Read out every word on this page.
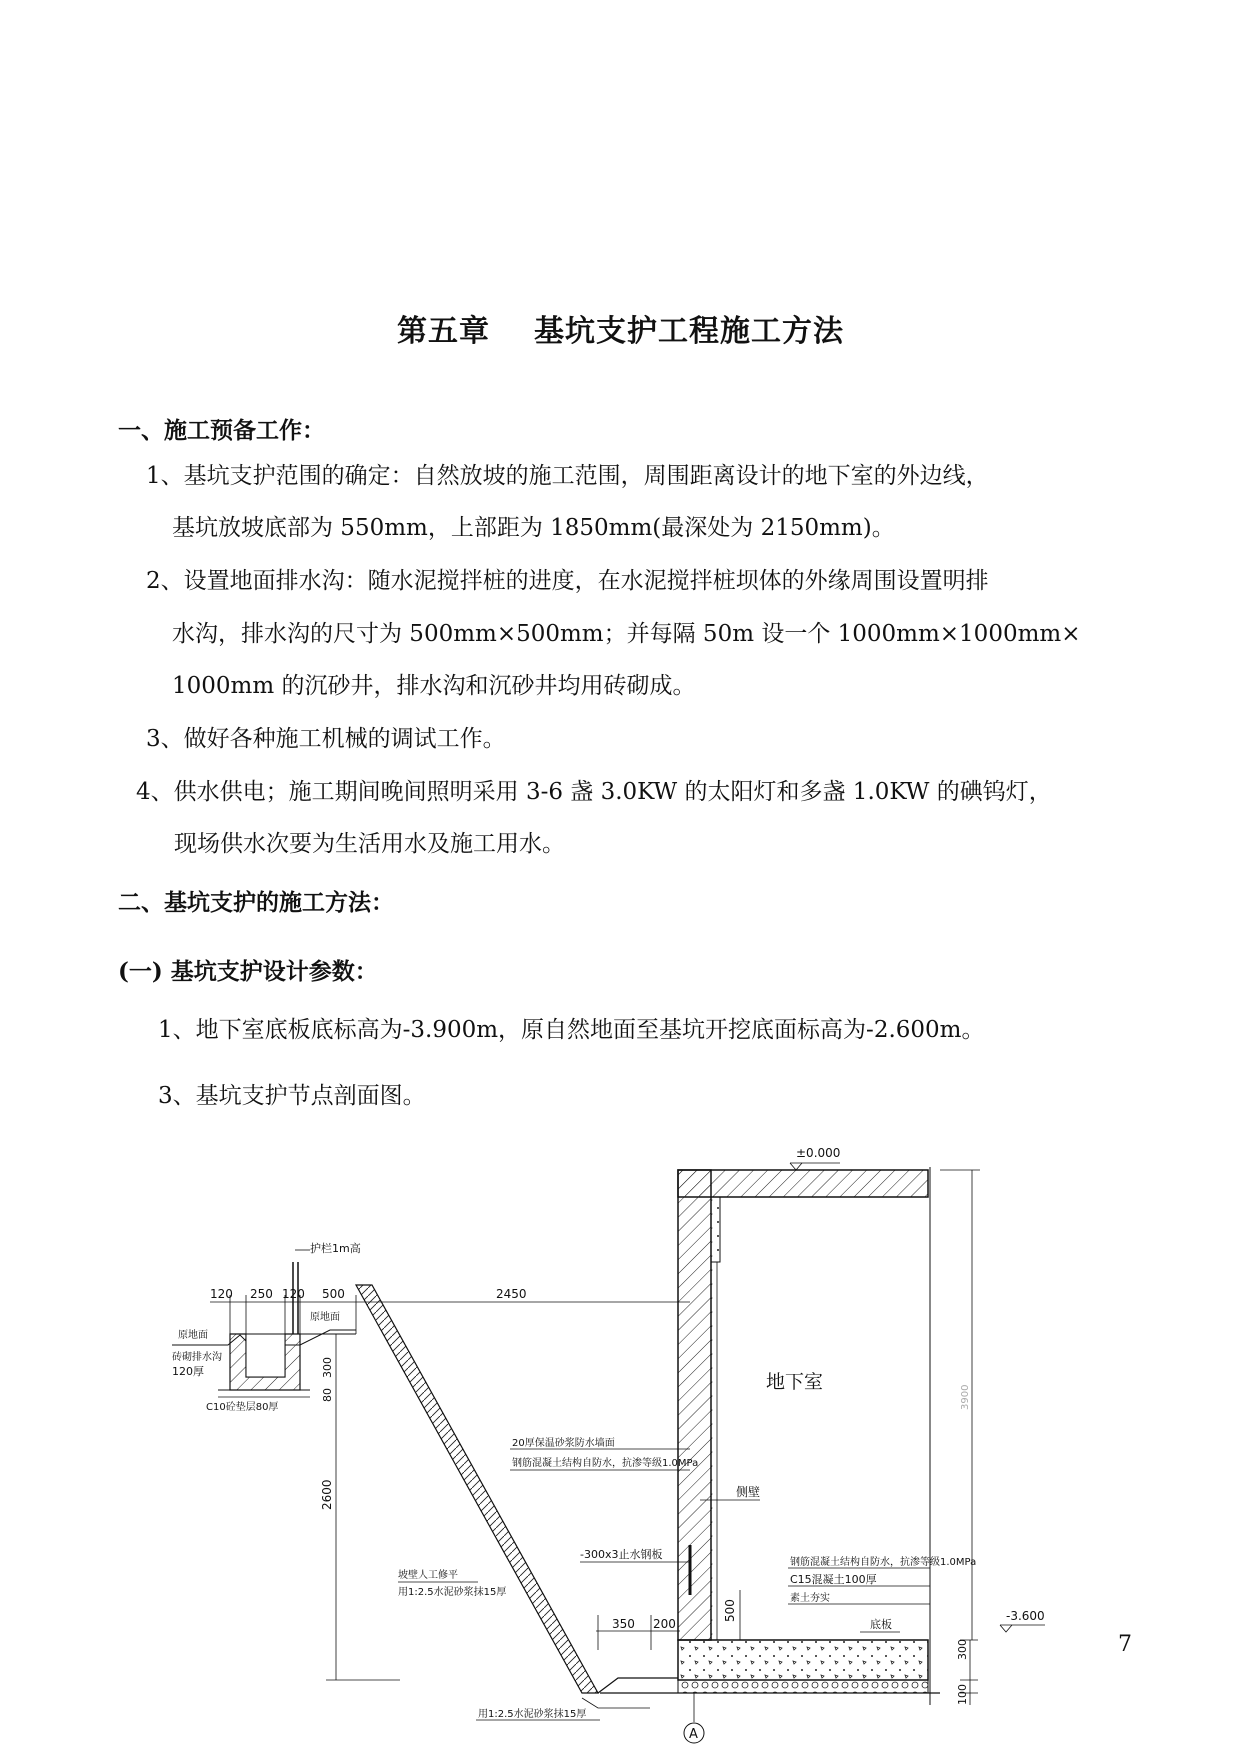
第五章 基坑支护工程施工方法
一、施工预备工作：
1、基坑支护范围的确定：自然放坡的施工范围，周围距离设计的地下室的外边线，
基坑放坡底部为 550mm，上部距为 1850mm(最深处为 2150mm)。
2、设置地面排水沟：随水泥搅拌桩的进度，在水泥搅拌桩坝体的外缘周围设置明排
水沟，排水沟的尺寸为 500mm×500mm；并每隔 50m 设一个 1000mm×1000mm×
1000mm 的沉砂井，排水沟和沉砂井均用砖砌成。
3、做好各种施工机械的调试工作。
4、供水供电；施工期间晚间照明采用 3-6 盏 3.0KW 的太阳灯和多盏 1.0KW 的碘钨灯，
现场供水次要为生活用水及施工用水。
二、基坑支护的施工方法：
(一) 基坑支护设计参数：
1、地下室底板底标高为-3.900m，原自然地面至基坑开挖底面标高为-2.600m。
3、基坑支护节点剖面图。
护栏1m高
120 250 120 500	2450
300
80
2600
350 200
500
300
100
3900
±0.000
-3.600
原地面
原地面
砖砌排水沟
120厚
C10砼垫层80厚
地下室
20厚保温砂浆防水墙面
钢筋混凝土结构自防水，抗渗等级1.0MPa
侧壁
-300x3止水钢板
坡壁人工修平
用1:2.5水泥砂浆抹15厚
钢筋混凝土结构自防水，抗渗等级1.0MPa
C15混凝土100厚
素土夯实
底板
用1:2.5水泥砂浆抹15厚
A
7
